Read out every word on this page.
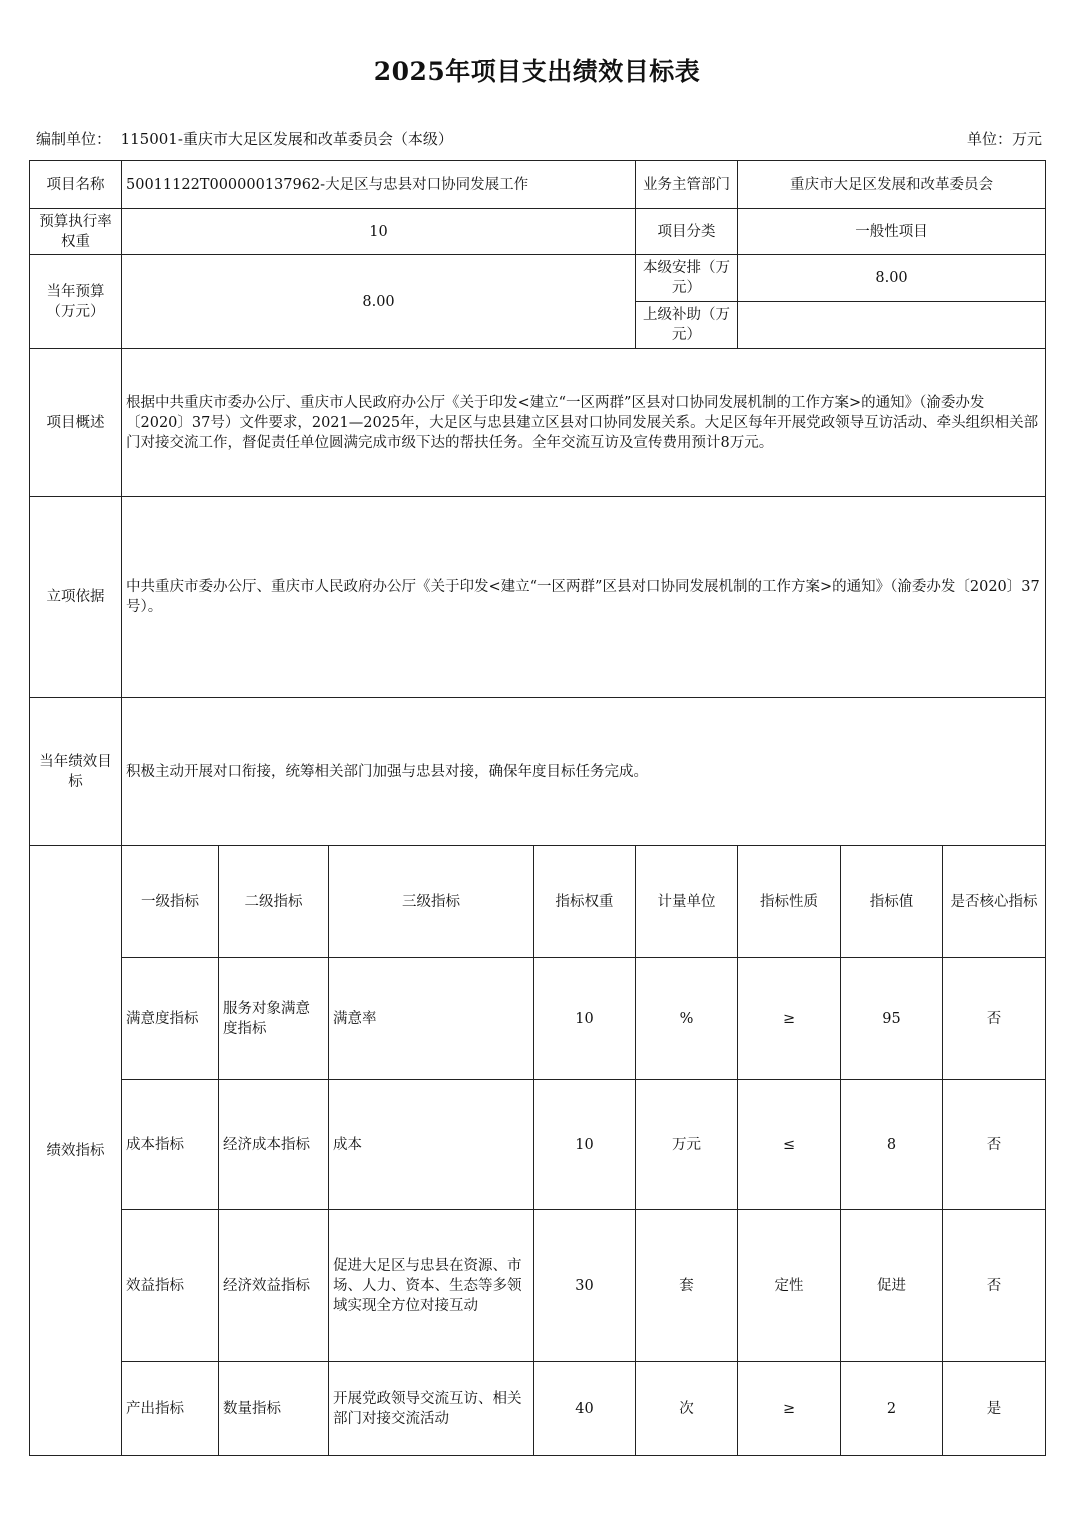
2025年项目支出绩效目标表
编制单位： 115001-重庆市大足区发展和改革委员会（本级）	单位：万元
项目名称	50011122T000000137962-大足区与忠县对口协同发展工作				业务主管部门	重庆市大足区发展和改革委员会		
预算执行率权重	10				项目分类	一般性项目		
当年预算（万元）	8.00				本级安排（万元）	8.00		
					上级补助（万元）			
项目概述	根据中共重庆市委办公厅、重庆市人民政府办公厅《关于印发<建立“一区两群”区县对口协同发展机制的工作方案>的通知》（渝委办发〔2020〕37号）文件要求，2021—2025年，大足区与忠县建立区县对口协同发展关系。大足区每年开展党政领导互访活动、牵头组织相关部门对接交流工作，督促责任单位圆满完成市级下达的帮扶任务。全年交流互访及宣传费用预计8万元。							
立项依据	中共重庆市委办公厅、重庆市人民政府办公厅《关于印发<建立“一区两群”区县对口协同发展机制的工作方案>的通知》（渝委办发〔2020〕37号）。							
当年绩效目标	积极主动开展对口衔接，统筹相关部门加强与忠县对接，确保年度目标任务完成。							
绩效指标	一级指标	二级指标	三级指标	指标权重	计量单位	指标性质	指标值	是否核心指标
	满意度指标	服务对象满意度指标	满意率	10	%	≥	95	否
	成本指标	经济成本指标	成本	10	万元	≤	8	否
	效益指标	经济效益指标	促进大足区与忠县在资源、市场、人力、资本、生态等多领域实现全方位对接互动	30	套	定性	促进	否
	产出指标	数量指标	开展党政领导交流互访、相关部门对接交流活动	40	次	≥	2	是
